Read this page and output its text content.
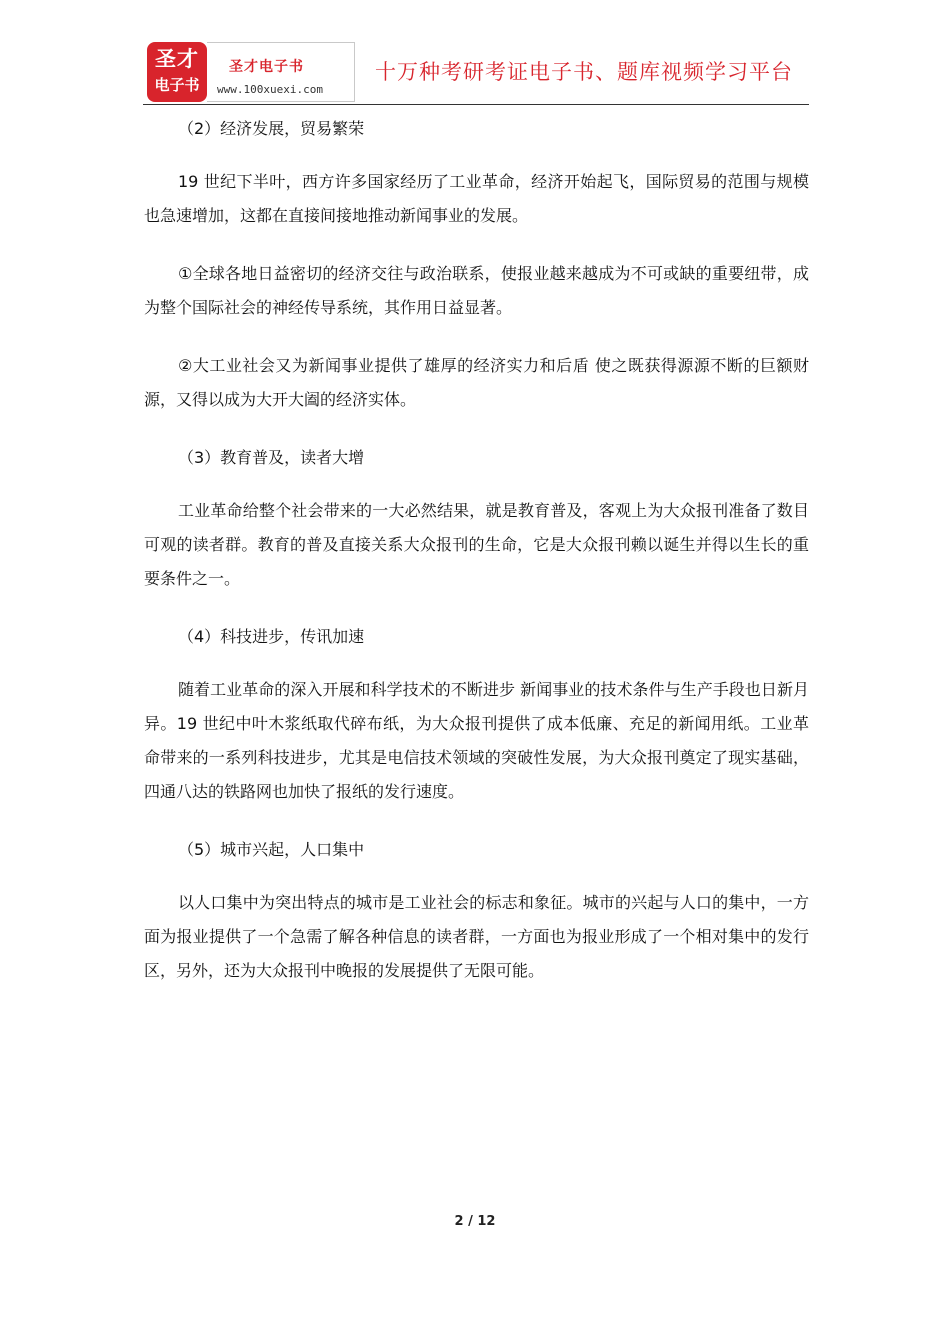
圣才
电子书
圣才电子书
www.100xuexi.com
十万种考研考证电子书、题库视频学习平台

（2）经济发展，贸易繁荣

19 世纪下半叶，西方许多国家经历了工业革命，经济开始起飞，国际贸易的范围与规模也急速增加，这都在直接间接地推动新闻事业的发展。

①全球各地日益密切的经济交往与政治联系，使报业越来越成为不可或缺的重要纽带，成为整个国际社会的神经传导系统，其作用日益显著。

②大工业社会又为新闻事业提供了雄厚的经济实力和后盾 使之既获得源源不断的巨额财源，又得以成为大开大阖的经济实体。

（3）教育普及，读者大增

工业革命给整个社会带来的一大必然结果，就是教育普及，客观上为大众报刊准备了数目可观的读者群。教育的普及直接关系大众报刊的生命，它是大众报刊赖以诞生并得以生长的重要条件之一。

（4）科技进步，传讯加速

随着工业革命的深入开展和科学技术的不断进步 新闻事业的技术条件与生产手段也日新月异。19 世纪中叶木浆纸取代碎布纸，为大众报刊提供了成本低廉、充足的新闻用纸。工业革命带来的一系列科技进步，尤其是电信技术领域的突破性发展，为大众报刊奠定了现实基础，四通八达的铁路网也加快了报纸的发行速度。

（5）城市兴起，人口集中

以人口集中为突出特点的城市是工业社会的标志和象征。城市的兴起与人口的集中，一方面为报业提供了一个急需了解各种信息的读者群，一方面也为报业形成了一个相对集中的发行区，另外，还为大众报刊中晚报的发展提供了无限可能。

2 / 12
